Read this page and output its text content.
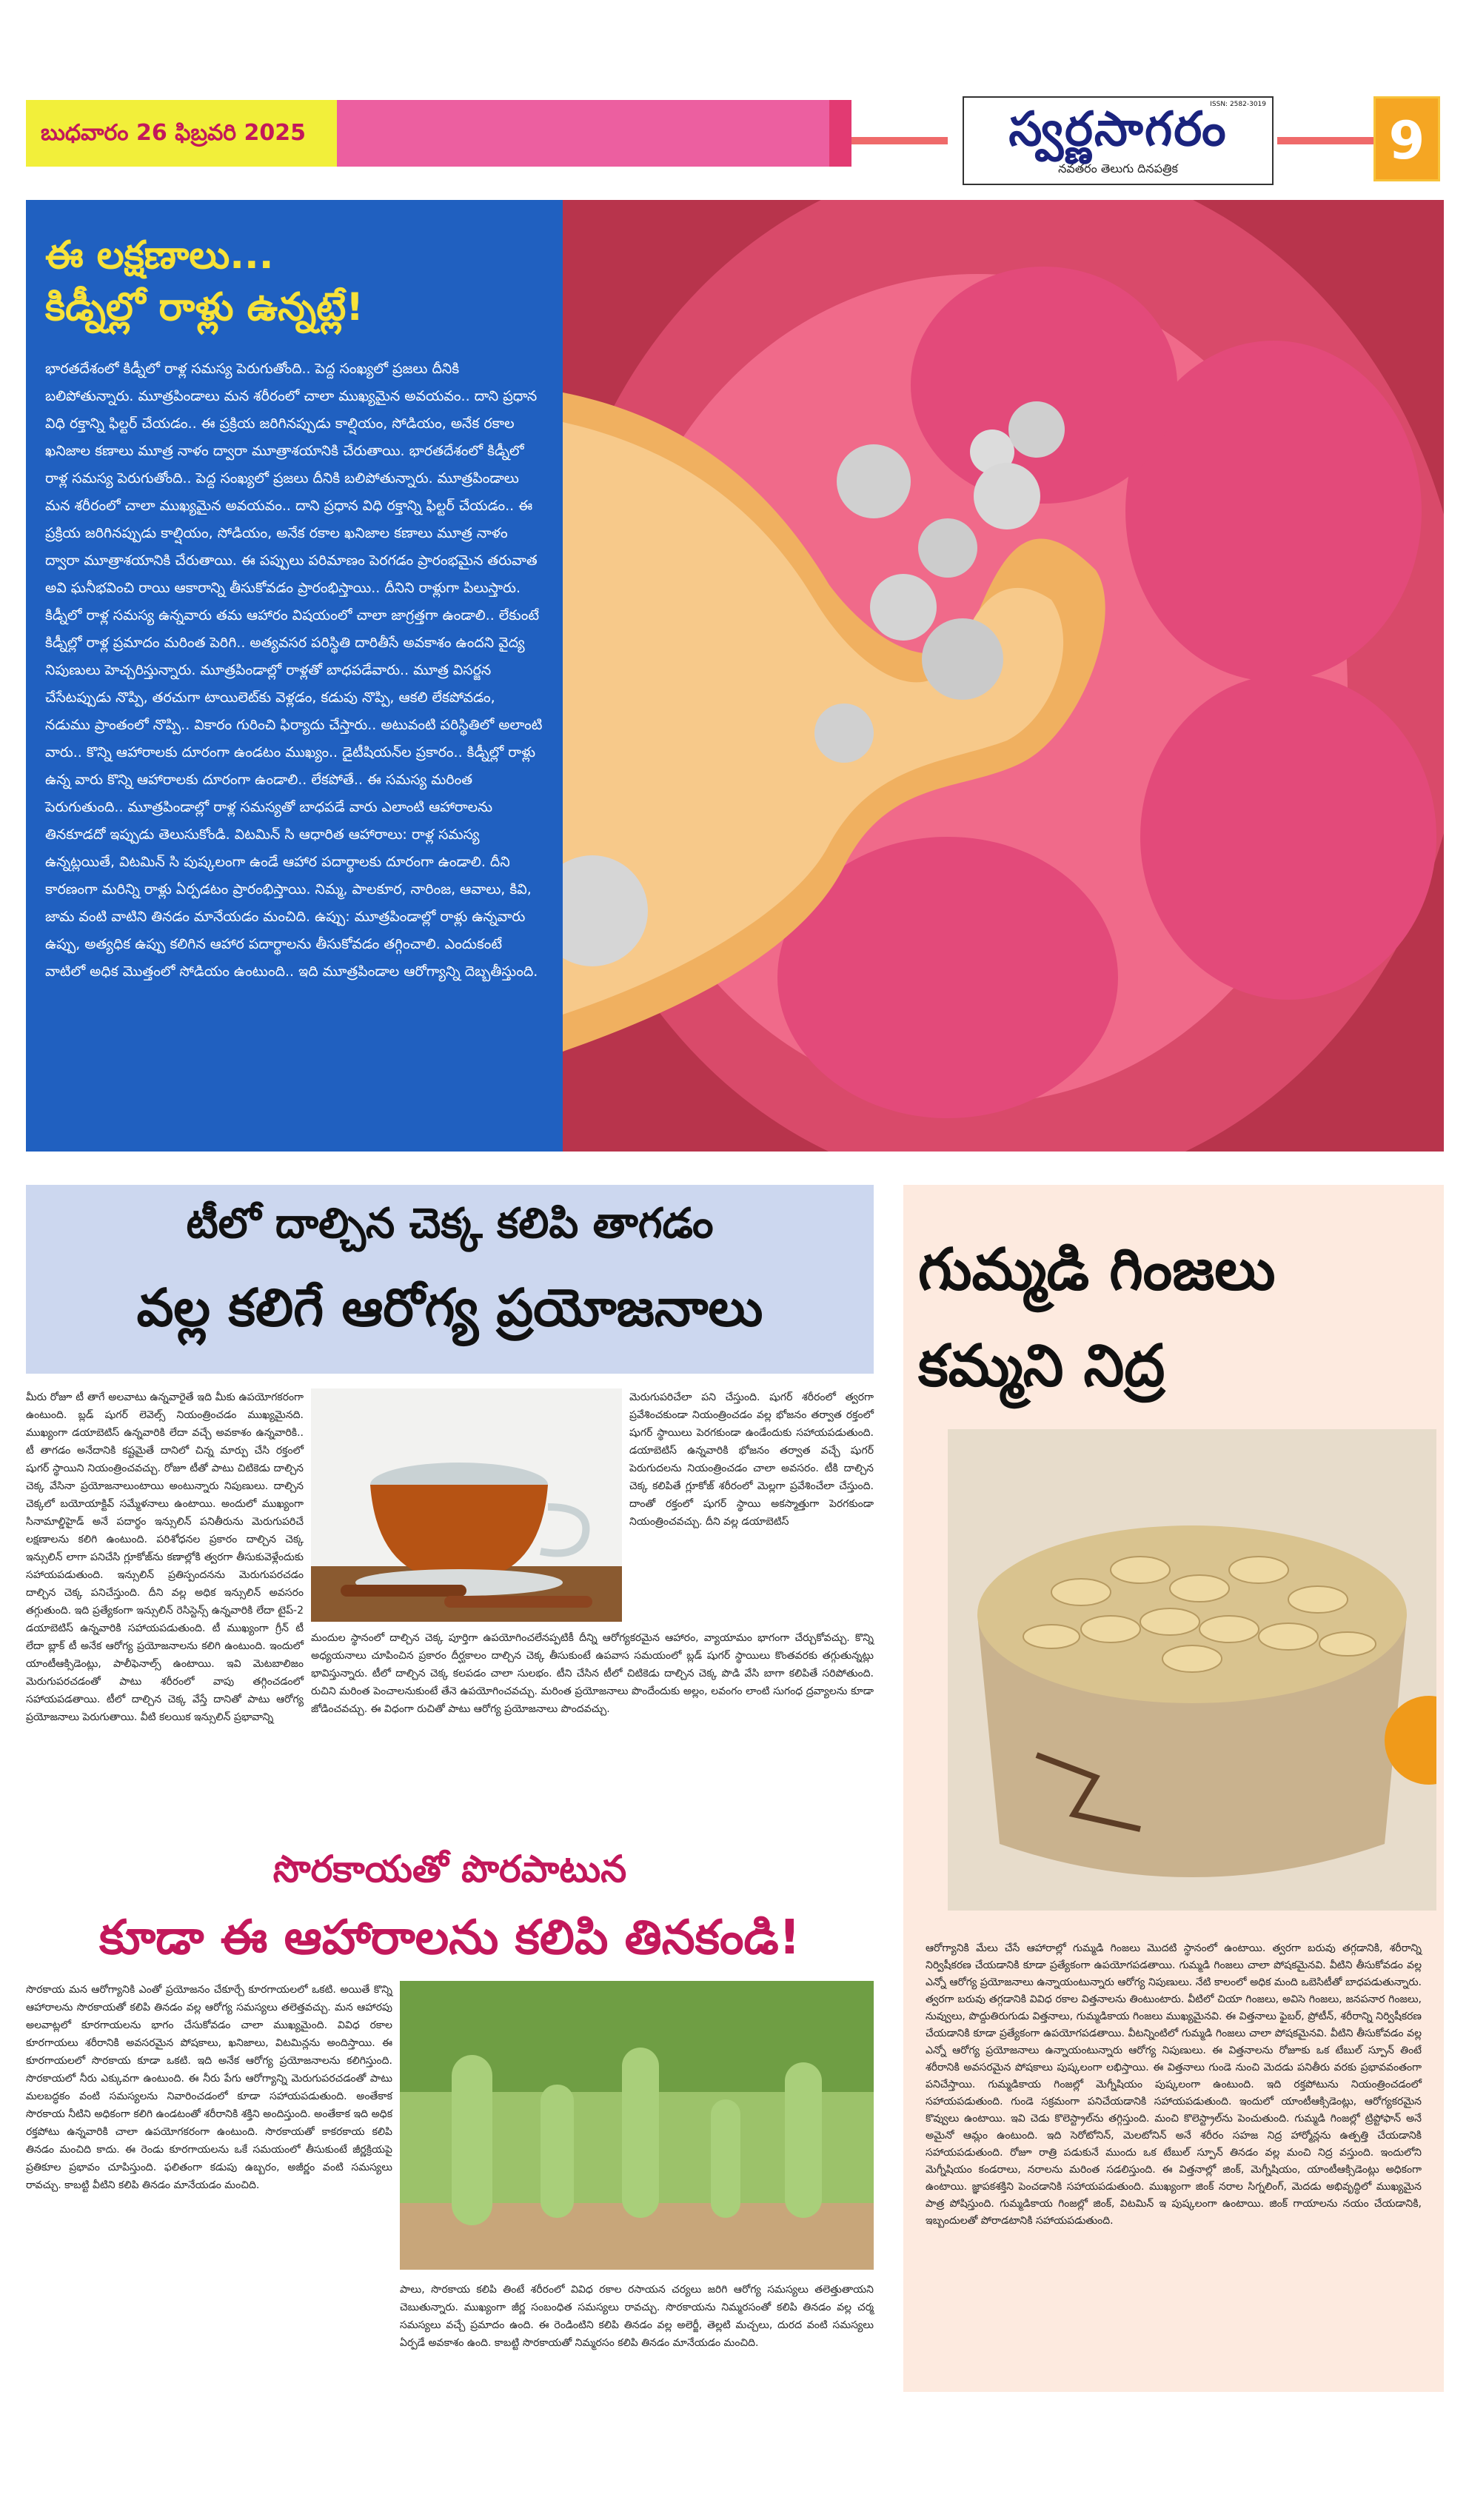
బుధవారం 26 ఫిబ్రవరి 2025
ISSN: 2582-3019
స్వర్ణసాగరం
నవతరం తెలుగు దినపత్రిక	9
ఈ లక్షణాలు...
కిడ్నీల్లో రాళ్లు ఉన్నట్లే!

భారతదేశంలో కిడ్నీలో రాళ్ల సమస్య పెరుగుతోంది.. పెద్ద సంఖ్యలో ప్రజలు దీనికి బలిపోతున్నారు. మూత్రపిండాలు మన శరీరంలో చాలా ముఖ్యమైన అవయవం.. దాని ప్రధాన విధి రక్తాన్ని ఫిల్టర్ చేయడం.. ఈ ప్రక్రియ జరిగినప్పుడు కాల్షియం, సోడియం, అనేక రకాల ఖనిజాల కణాలు మూత్ర నాళం ద్వారా మూత్రాశయానికి చేరుతాయి. భారతదేశంలో కిడ్నీలో రాళ్ల సమస్య పెరుగుతోంది.. పెద్ద సంఖ్యలో ప్రజలు దీనికి బలిపోతున్నారు. మూత్రపిండాలు మన శరీరంలో చాలా ముఖ్యమైన అవయవం.. దాని ప్రధాన విధి రక్తాన్ని ఫిల్టర్ చేయడం.. ఈ ప్రక్రియ జరిగినప్పుడు కాల్షియం, సోడియం, అనేక రకాల ఖనిజాల కణాలు మూత్ర నాళం ద్వారా మూత్రాశయానికి చేరుతాయి. ఈ పప్పులు పరిమాణం పెరగడం ప్రారంభమైన తరువాత అవి ఘనీభవించి రాయి ఆకారాన్ని తీసుకోవడం ప్రారంభిస్తాయి.. దీనిని రాళ్లుగా పిలుస్తారు. కిడ్నీలో రాళ్ల సమస్య ఉన్నవారు తమ ఆహారం విషయంలో చాలా జాగ్రత్తగా ఉండాలి.. లేకుంటే కిడ్నీల్లో రాళ్ల ప్రమాదం మరింత పెరిగి.. అత్యవసర పరిస్థితి దారితీసే అవకాశం ఉందని వైద్య నిపుణులు హెచ్చరిస్తున్నారు. మూత్రపిండాల్లో రాళ్లతో బాధపడేవారు.. మూత్ర విసర్జన చేసేటప్పుడు నొప్పి, తరచుగా టాయిలెట్‌కు వెళ్లడం, కడుపు నొప్పి, ఆకలి లేకపోవడం, నడుము ప్రాంతంలో నొప్పి.. వికారం గురించి ఫిర్యాదు చేస్తారు.. అటువంటి పరిస్థితిలో అలాంటి వారు.. కొన్ని ఆహారాలకు దూరంగా ఉండటం ముఖ్యం.. డైటీషియన్‌ల ప్రకారం.. కిడ్నీల్లో రాళ్లు ఉన్న వారు కొన్ని ఆహారాలకు దూరంగా ఉండాలి.. లేకపోతే.. ఈ సమస్య మరింత పెరుగుతుంది.. మూత్రపిండాల్లో రాళ్ల సమస్యతో బాధపడే వారు ఎలాంటి ఆహారాలను తినకూడదో ఇప్పుడు తెలుసుకోండి. విటమిన్ సి ఆధారిత ఆహారాలు: రాళ్ల సమస్య ఉన్నట్లయితే, విటమిన్ సి పుష్కలంగా ఉండే ఆహార పదార్థాలకు దూరంగా ఉండాలి. దీని కారణంగా మరిన్ని రాళ్లు ఏర్పడటం ప్రారంభిస్తాయి. నిమ్మ, పాలకూర, నారింజ, ఆవాలు, కివి, జామ వంటి వాటిని తినడం మానేయడం మంచిది. ఉప్పు: మూత్రపిండాల్లో రాళ్లు ఉన్నవారు ఉప్పు, అత్యధిక ఉప్పు కలిగిన ఆహార పదార్థాలను తీసుకోవడం తగ్గించాలి. ఎందుకంటే వాటిలో అధిక మొత్తంలో సోడియం ఉంటుంది.. ఇది మూత్రపిండాల ఆరోగ్యాన్ని దెబ్బతీస్తుంది.

టీలో దాల్చిన చెక్క కలిపి తాగడం
వల్ల కలిగే ఆరోగ్య ప్రయోజనాలు

మీరు రోజూ టీ తాగే అలవాటు ఉన్నవారైతే ఇది మీకు ఉపయోగకరంగా ఉంటుంది. బ్లడ్ షుగర్ లెవెల్స్ నియంత్రించడం ముఖ్యమైనది. ముఖ్యంగా డయాబెటిస్ ఉన్నవారికి లేదా వచ్చే అవకాశం ఉన్నవారికి.. టీ తాగడం అనేదానికి కష్టమైతే దానిలో చిన్న మార్పు చేసి రక్తంలో షుగర్ స్థాయిని నియంత్రించవచ్చు. రోజూ టీతో పాటు చిటికెడు దాల్చిన చెక్క వేసినా ప్రయోజనాలుంటాయి అంటున్నారు నిపుణులు. దాల్చిన చెక్కలో బయోయాక్టివ్ సమ్మేళనాలు ఉంటాయి. అందులో ముఖ్యంగా సినామాల్డిహైడ్ అనే పదార్థం ఇన్సులిన్ పనితీరును మెరుగుపరిచే లక్షణాలను కలిగి ఉంటుంది. పరిశోధనల ప్రకారం దాల్చిన చెక్క ఇన్సులిన్ లాగా పనిచేసి గ్లూకోజ్‌ను కణాల్లోకి త్వరగా తీసుకువెళ్లేందుకు సహాయపడుతుంది. ఇన్సులిన్ ప్రతిస్పందనను మెరుగుపరచడం దాల్చిన చెక్క పనిచేస్తుంది. దీని వల్ల అధిక ఇన్సులిన్ అవసరం తగ్గుతుంది. ఇది ప్రత్యేకంగా ఇన్సులిన్ రెసిస్టెన్స్ ఉన్నవారికి లేదా టైప్-2 డయాబెటిస్ ఉన్నవారికి సహాయపడుతుంది. టీ ముఖ్యంగా గ్రీన్ టీ లేదా బ్లాక్ టీ అనేక ఆరోగ్య ప్రయోజనాలను కలిగి ఉంటుంది. ఇందులో యాంటీఆక్సిడెంట్లు, పాలీఫెనాల్స్ ఉంటాయి. ఇవి మెటబాలిజం మెరుగుపరచడంతో పాటు శరీరంలో వాపు తగ్గించడంలో సహాయపడతాయి. టీలో దాల్చిన చెక్క వేస్తే దానితో పాటు ఆరోగ్య ప్రయోజనాలు పెరుగుతాయి. వీటి కలయిక ఇన్సులిన్ ప్రభావాన్ని

మెరుగుపరిచేలా పని చేస్తుంది. షుగర్ శరీరంలో త్వరగా ప్రవేశించకుండా నియంత్రించడం వల్ల భోజనం తర్వాత రక్తంలో షుగర్ స్థాయిలు పెరగకుండా ఉండేందుకు సహాయపడుతుంది. డయాబెటిస్ ఉన్నవారికి భోజనం తర్వాత వచ్చే షుగర్ పెరుగుదలను నియంత్రించడం చాలా అవసరం. టీకి దాల్చిన చెక్క కలిపితే గ్లూకోజ్ శరీరంలో మెల్లగా ప్రవేశించేలా చేస్తుంది. దాంతో రక్తంలో షుగర్ స్థాయి అకస్మాత్తుగా పెరగకుండా నియంత్రించవచ్చు. దీని వల్ల డయాబెటిస్

మందుల స్థానంలో దాల్చిన చెక్క పూర్తిగా ఉపయోగించలేనప్పటికీ దీన్ని ఆరోగ్యకరమైన ఆహారం, వ్యాయామం భాగంగా చేర్చుకోవచ్చు. కొన్ని అధ్యయనాలు చూపించిన ప్రకారం దీర్ఘకాలం దాల్చిన చెక్క తీసుకుంటే ఉపవాస సమయంలో బ్లడ్ షుగర్ స్థాయిలు కొంతవరకు తగ్గుతున్నట్లు భావిస్తున్నారు. టీలో దాల్చిన చెక్క కలపడం చాలా సులభం. టీని చేసిన టీలో చిటికెడు దాల్చిన చెక్క పొడి వేసి బాగా కలిపితే సరిపోతుంది. రుచిని మరింత పెంచాలనుకుంటే తేనె ఉపయోగించవచ్చు. మరింత ప్రయోజనాలు పొందేందుకు అల్లం, లవంగం లాంటి సుగంధ ద్రవ్యాలను కూడా జోడించవచ్చు. ఈ విధంగా రుచితో పాటు ఆరోగ్య ప్రయోజనాలు పొందవచ్చు.

గుమ్మడి గింజలు
కమ్మని నిద్ర

ఆరోగ్యానికి మేలు చేసే ఆహారాల్లో గుమ్మడి గింజలు మొదటి స్థానంలో ఉంటాయి. త్వరగా బరువు తగ్గడానికి, శరీరాన్ని నిర్విషీకరణ చేయడానికి కూడా ప్రత్యేకంగా ఉపయోగపడతాయి. గుమ్మడి గింజలు చాలా పోషకమైనవి. వీటిని తీసుకోవడం వల్ల ఎన్నో ఆరోగ్య ప్రయోజనాలు ఉన్నాయంటున్నారు ఆరోగ్య నిపుణులు. నేటి కాలంలో అధిక మంది ఒబెసిటీతో బాధపడుతున్నారు. త్వరగా బరువు తగ్గడానికి వివిధ రకాల విత్తనాలను తింటుంటారు. వీటిలో చియా గింజలు, అవిసె గింజలు, జనపనార గింజలు, నువ్వులు, పొద్దుతిరుగుడు విత్తనాలు, గుమ్మడికాయ గింజలు ముఖ్యమైనవి. ఈ విత్తనాలు ఫైబర్, ప్రోటీన్, శరీరాన్ని నిర్విషీకరణ చేయడానికి కూడా ప్రత్యేకంగా ఉపయోగపడతాయి. వీటన్నింటిలో గుమ్మడి గింజలు చాలా పోషకమైనవి. వీటిని తీసుకోవడం వల్ల ఎన్నో ఆరోగ్య ప్రయోజనాలు ఉన్నాయంటున్నారు ఆరోగ్య నిపుణులు. ఈ విత్తనాలను రోజూకు ఒక టేబుల్ స్పూన్ తింటే శరీరానికి అవసరమైన పోషకాలు పుష్కలంగా లభిస్తాయి. ఈ విత్తనాలు గుండె నుంచి మెదడు పనితీరు వరకు ప్రభావవంతంగా పనిచేస్తాయి. గుమ్మడికాయ గింజల్లో మెగ్నీషియం పుష్కలంగా ఉంటుంది. ఇది రక్తపోటును నియంత్రించడంలో సహాయపడుతుంది. గుండె సక్రమంగా పనిచేయడానికి సహాయపడుతుంది. ఇందులో యాంటీఆక్సిడెంట్లు, ఆరోగ్యకరమైన కొవ్వులు ఉంటాయి. ఇవి చెడు కొలెస్ట్రాల్‌ను తగ్గిస్తుంది. మంచి కొలెస్ట్రాల్‌ను పెంచుతుంది. గుమ్మడి గింజల్లో ట్రిప్టోఫాన్ అనే అమైనో ఆమ్లం ఉంటుంది. ఇది సెరోటోనిన్, మెలటోనిన్ అనే శరీరం సహజ నిద్ర హార్మోన్లను ఉత్పత్తి చేయడానికి సహాయపడుతుంది. రోజూ రాత్రి పడుకునే ముందు ఒక టేబుల్ స్పూన్ తినడం వల్ల మంచి నిద్ర వస్తుంది. ఇందులోని మెగ్నీషియం కండరాలు, నరాలను మరింత సడలిస్తుంది. ఈ విత్తనాల్లో జింక్, మెగ్నీషియం, యాంటీఆక్సిడెంట్లు అధికంగా ఉంటాయి. జ్ఞాపకశక్తిని పెంచడానికి సహాయపడుతుంది. ముఖ్యంగా జింక్ నరాల సిగ్నలింగ్, మెదడు అభివృద్ధిలో ముఖ్యమైన పాత్ర పోషిస్తుంది. గుమ్మడికాయ గింజల్లో జింక్, విటమిన్ ఇ పుష్కలంగా ఉంటాయి. జింక్ గాయాలను నయం చేయడానికి, ఇబ్బందులతో పోరాడటానికి సహాయపడుతుంది.

సొరకాయతో పొరపాటున
కూడా ఈ ఆహారాలను కలిపి తినకండి!

సొరకాయ మన ఆరోగ్యానికి ఎంతో ప్రయోజనం చేకూర్చే కూరగాయలలో ఒకటి. అయితే కొన్ని ఆహారాలను సొరకాయతో కలిపి తినడం వల్ల ఆరోగ్య సమస్యలు తలెత్తవచ్చు. మన ఆహారపు అలవాట్లలో కూరగాయలను భాగం చేసుకోవడం చాలా ముఖ్యమైంది. వివిధ రకాల కూరగాయలు శరీరానికి అవసరమైన పోషకాలు, ఖనిజాలు, విటమిన్లను అందిస్తాయి. ఈ కూరగాయలలో సొరకాయ కూడా ఒకటి. ఇది అనేక ఆరోగ్య ప్రయోజనాలను కలిగిస్తుంది. సొరకాయలో నీరు ఎక్కువగా ఉంటుంది. ఈ నీరు పేగు ఆరోగ్యాన్ని మెరుగుపరచడంతో పాటు మలబద్ధకం వంటి సమస్యలను నివారించడంలో కూడా సహాయపడుతుంది. అంతేకాక సొరకాయ నీటిని అధికంగా కలిగి ఉండటంతో శరీరానికి శక్తిని అందిస్తుంది. అంతేకాక ఇది అధిక రక్తపోటు ఉన్నవారికి చాలా ఉపయోగకరంగా ఉంటుంది. సొరకాయతో కాకరకాయ కలిపి తినడం మంచిది కాదు. ఈ రెండు కూరగాయలను ఒకే సమయంలో తీసుకుంటే జీర్ణక్రియపై ప్రతికూల ప్రభావం చూపిస్తుంది. ఫలితంగా కడుపు ఉబ్బరం, అజీర్ణం వంటి సమస్యలు రావచ్చు. కాబట్టి వీటిని కలిపి తినడం మానేయడం మంచిది.

పాలు, సొరకాయ కలిపి తింటే శరీరంలో వివిధ రకాల రసాయన చర్యలు జరిగి ఆరోగ్య సమస్యలు తలెత్తుతాయని చెబుతున్నారు. ముఖ్యంగా జీర్ణ సంబంధిత సమస్యలు రావచ్చు. సొరకాయను నిమ్మరసంతో కలిపి తినడం వల్ల చర్మ సమస్యలు వచ్చే ప్రమాదం ఉంది. ఈ రెండింటిని కలిపి తినడం వల్ల అలెర్జీ, తెల్లటి మచ్చలు, దురద వంటి సమస్యలు ఏర్పడే అవకాశం ఉంది. కాబట్టి సొరకాయతో నిమ్మరసం కలిపి తినడం మానేయడం మంచిది.
